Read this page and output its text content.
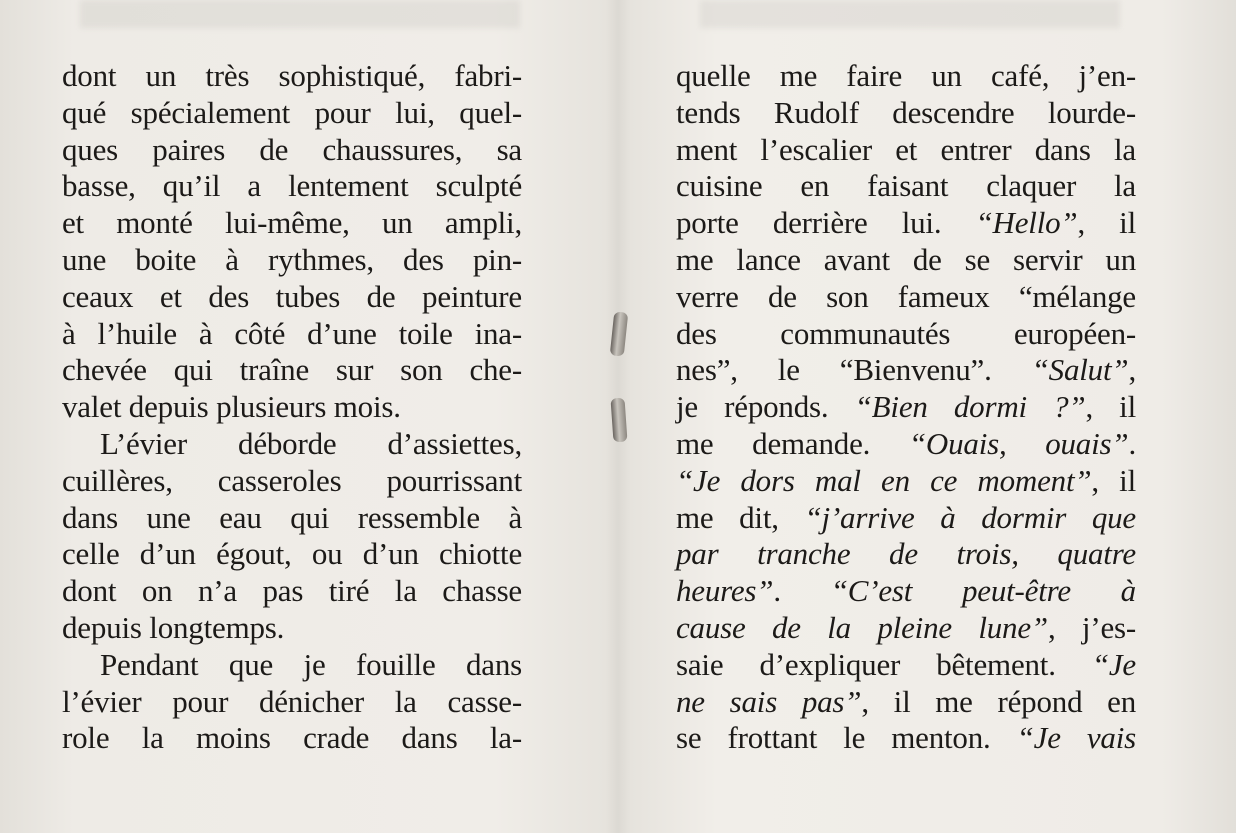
dont un très sophistiqué, fabri-
qué spécialement pour lui, quel-
ques paires de chaussures, sa
basse, qu’il a lentement sculpté
et monté lui-même, un ampli,
une boite à rythmes, des pin-
ceaux et des tubes de peinture
à l’huile à côté d’une toile ina-
chevée qui traîne sur son che-
valet depuis plusieurs mois.
L’évier déborde d’assiettes,
cuillères, casseroles pourrissant
dans une eau qui ressemble à
celle d’un égout, ou d’un chiotte
dont on n’a pas tiré la chasse
depuis longtemps.
Pendant que je fouille dans
l’évier pour dénicher la casse-
role la moins crade dans la-
quelle me faire un café, j’en-
tends Rudolf descendre lourde-
ment l’escalier et entrer dans la
cuisine en faisant claquer la
porte derrière lui. “Hello”, il
me lance avant de se servir un
verre de son fameux “mélange
des communautés européen-
nes”, le “Bienvenu”. “Salut”,
je réponds. “Bien dormi ?”, il
me demande. “Ouais, ouais”.
“Je dors mal en ce moment”, il
me dit, “j’arrive à dormir que
par tranche de trois, quatre
heures”. “C’est peut-être à
cause de la pleine lune”, j’es-
saie d’expliquer bêtement. “Je
ne sais pas”, il me répond en
se frottant le menton. “Je vais
